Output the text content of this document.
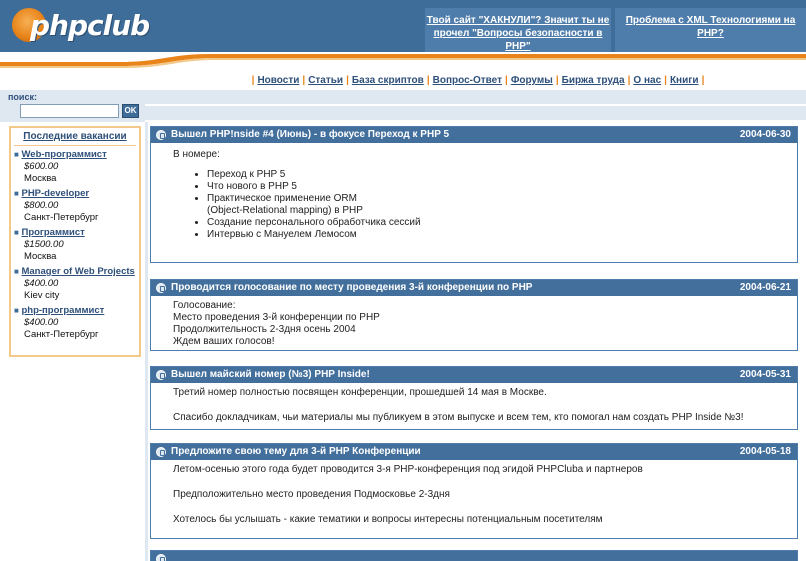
phpclub	Твой сайт "ХАКНУЛИ"? Значит ты не прочел "Вопросы безопасности в PHP"
Проблема с XML Технологиями на PHP?
| Новости | Статьи | База скриптов | Вопрос-Ответ | Форумы | Биржа труда | О нас | Книги |
поиск:
OK
Последние вакансии
■ Web-программист
$600.00
Москва
■ PHP-developer
$800.00
Санкт-Петербург
■ Программист
$1500.00
Москва
■ Manager of Web Projects
$400.00
Kiev city
■ php-программист
$400.00
Санкт-Петербург
Вышел PHP!nside #4 (Июнь) - в фокусе Переход к PHP 5	2004-06-30

В номере:

• Переход к PHP 5
• Что нового в PHP 5
• Практическое применение ORM
(Object-Relational mapping) в PHP
• Создание персонального обработчика сессий
• Интервью с Мануелем Лемосом
Проводится голосование по месту проведения 3-й конференции по PHP	2004-06-21

Голосование:

Место проведения 3-й конференции по PHP

Продолжительность 2-3дня осень 2004

Ждем ваших голосов!

Вышел майский номер (№3) PHP Inside!	2004-05-31

Третий номер полностью посвящен конференции, прошедшей 14 мая в Москве.

Спасибо докладчикам, чьи материалы мы публикуем в этом выпуске и всем тем, кто помогал нам создать PHP Inside №3!

Предложите свою тему для 3-й PHP Конференции	2004-05-18

Летом-осенью этого года будет проводится 3-я PHP-конференция под эгидой PHPCluba и партнеров

Предположительно место проведения Подмосковье 2-3дня

Хотелось бы услышать - какие тематики и вопросы интересны потенциальным посетителям
